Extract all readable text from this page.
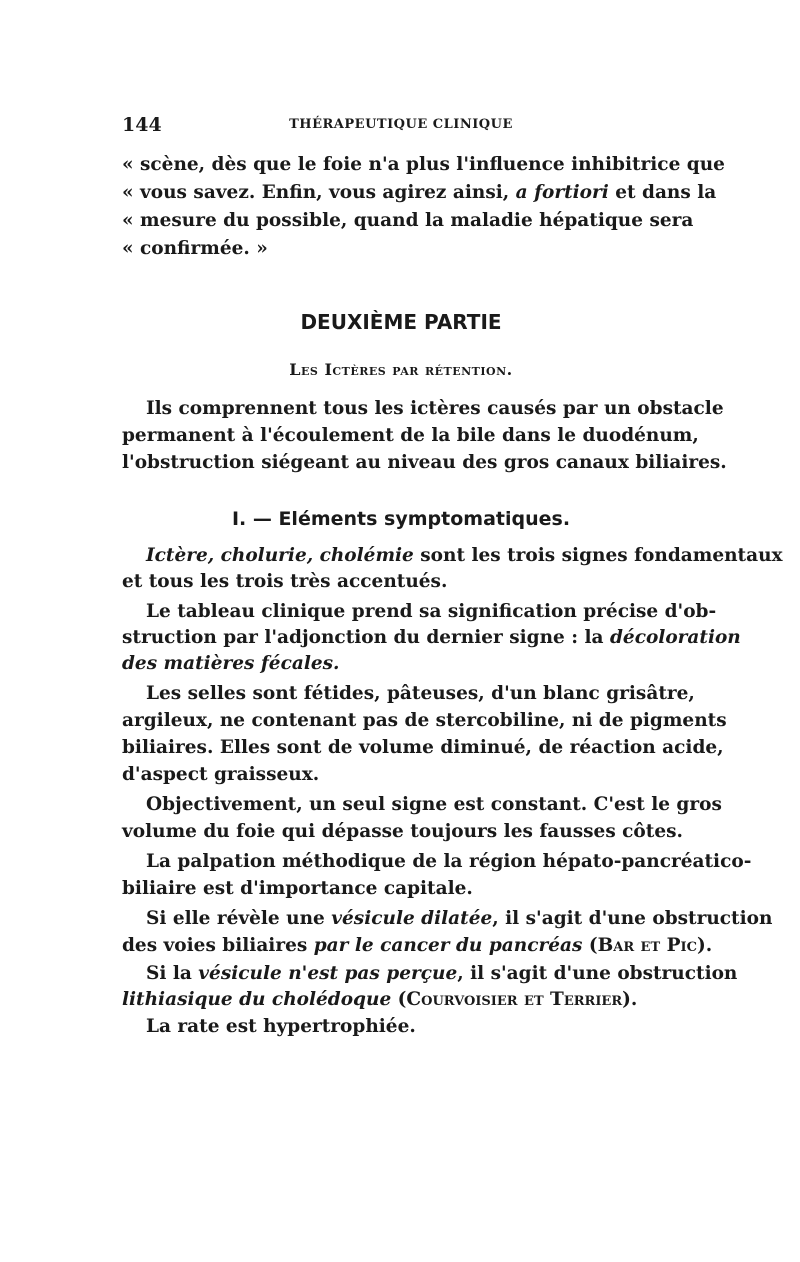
144	THÉRAPEUTIQUE CLINIQUE
« scène, dès que le foie n'a plus l'influence inhibitrice que
« vous savez. Enfin, vous agirez ainsi, a fortiori et dans la
« mesure du possible, quand la maladie hépatique sera
« confirmée. »
DEUXIÈME PARTIE
Les Ictères par rétention.
Ils comprennent tous les ictères causés par un obstacle
permanent à l'écoulement de la bile dans le duodénum,
l'obstruction siégeant au niveau des gros canaux biliaires.
I. — Eléments symptomatiques.
Ictère, cholurie, cholémie sont les trois signes fondamentaux
et tous les trois très accentués.
Le tableau clinique prend sa signification précise d'ob-
struction par l'adjonction du dernier signe : la décoloration
des matières fécales.
Les selles sont fétides, pâteuses, d'un blanc grisâtre,
argileux, ne contenant pas de stercobiline, ni de pigments
biliaires. Elles sont de volume diminué, de réaction acide,
d'aspect graisseux.
Objectivement, un seul signe est constant. C'est le gros
volume du foie qui dépasse toujours les fausses côtes.
La palpation méthodique de la région hépato-pancréatico-
biliaire est d'importance capitale.
Si elle révèle une vésicule dilatée, il s'agit d'une obstruction
des voies biliaires par le cancer du pancréas (Bar et Pic).
Si la vésicule n'est pas perçue, il s'agit d'une obstruction
lithiasique du cholédoque (Courvoisier et Terrier).
La rate est hypertrophiée.
